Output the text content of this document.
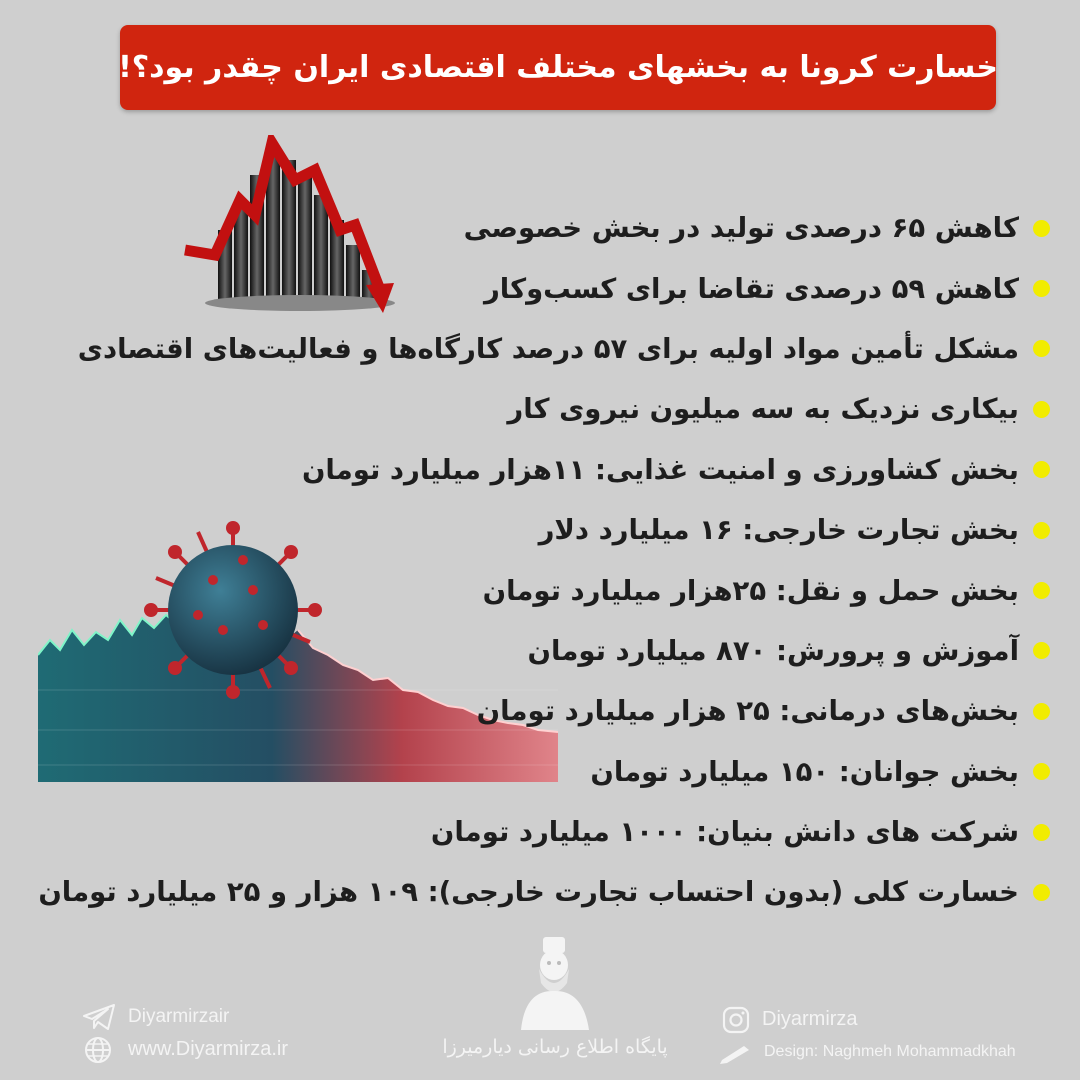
خسارت کرونا به بخشهای مختلف اقتصادی ایران چقدر بود؟!
کاهش ۶۵ درصدی تولید در بخش خصوصی
کاهش ۵۹ درصدی تقاضا برای کسب‌وکار
مشکل تأمین مواد اولیه برای ۵۷ درصد کارگاه‌ها و فعالیت‌های اقتصادی
بیکاری نزدیک به سه میلیون نیروی کار
بخش کشاورزی و امنیت غذایی: ۱۱هزار میلیارد تومان
بخش تجارت خارجی: ۱۶ میلیارد دلار
بخش حمل و نقل: ۲۵هزار میلیارد تومان
آموزش و پرورش: ۸۷۰ میلیارد تومان
بخش‌های درمانی: ۲۵ هزار میلیارد تومان
بخش جوانان: ۱۵۰ میلیارد تومان
شرکت های دانش بنیان: ۱۰۰۰ میلیارد تومان
خسارت کلی (بدون احتساب تجارت خارجی): ۱۰۹ هزار و ۲۵ میلیارد تومان
Diyarmirzair
www.Diyarmirza.ir	پایگاه اطلاع رسانی دیارمیرزا
Diyarmirza
Design: Naghmeh Mohammadkhah
